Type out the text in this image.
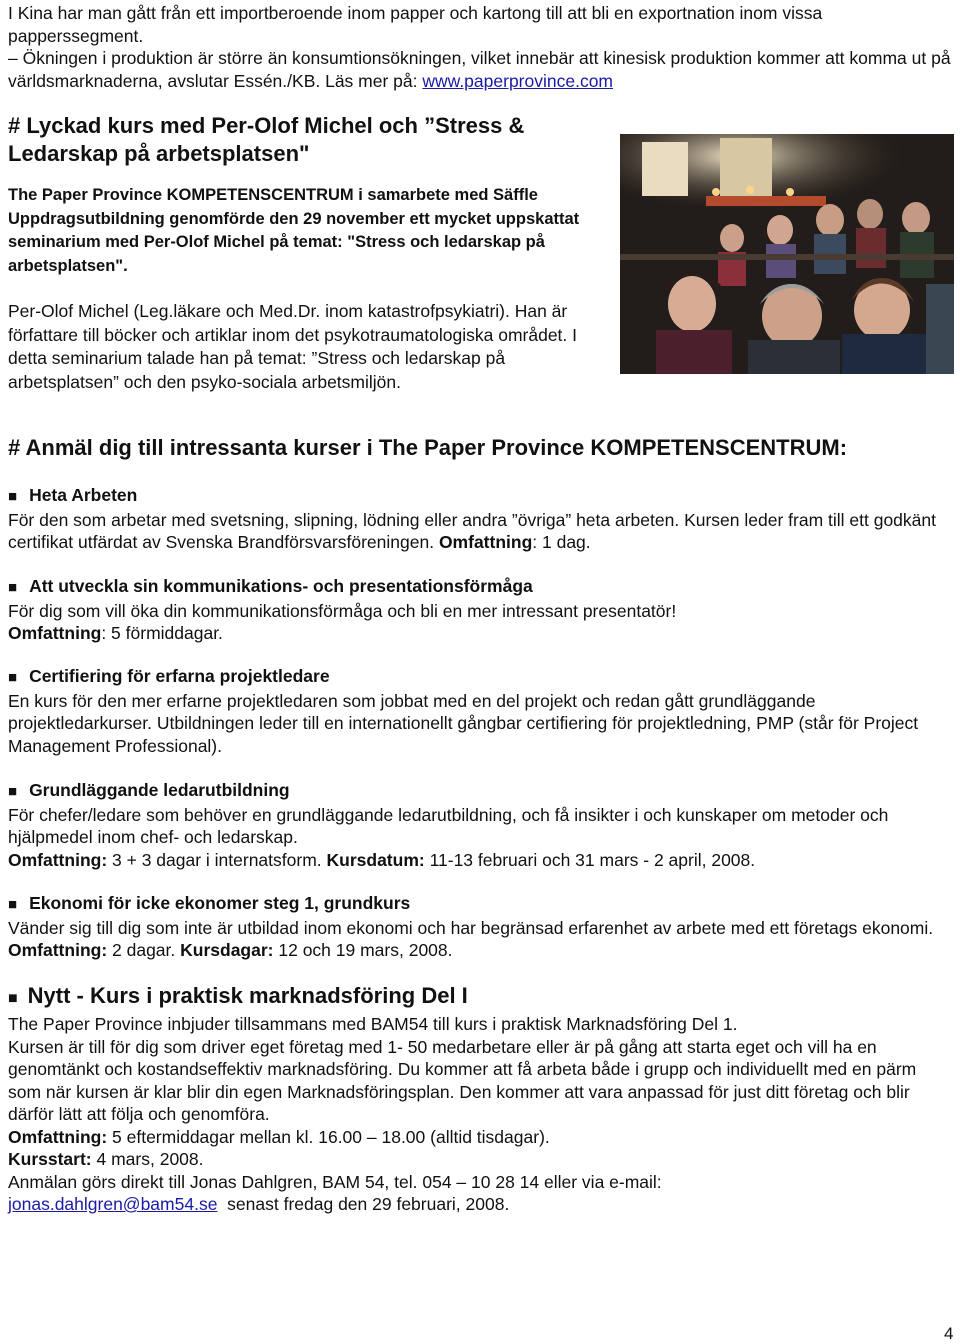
I Kina har man gått från ett importberoende inom papper och kartong till att bli en exportnation inom vissa papperssegment.
– Ökningen i produktion är större än konsumtionsökningen, vilket innebär att kinesisk produktion kommer att komma ut på världsmarknaderna, avslutar Essén./KB. Läs mer på: www.paperprovince.com
# Lyckad kurs med Per-Olof Michel och ”Stress & Ledarskap på arbetsplatsen"

The Paper Province KOMPETENSCENTRUM i samarbete med Säffle Uppdragsutbildning genomförde den 29 november ett mycket uppskattat seminarium med Per-Olof Michel på temat: "Stress och ledarskap på arbetsplatsen".

Per-Olof Michel (Leg.läkare och Med.Dr. inom katastrofpsykiatri). Han är författare till böcker och artiklar inom det psykotraumatologiska området. I detta seminarium talade han på temat: ”Stress och ledarskap på arbetsplatsen” och den psyko-sociala arbetsmiljön.

# Anmäl dig till intressanta kurser i The Paper Province KOMPETENSCENTRUM:
■ Heta Arbeten

För den som arbetar med svetsning, slipning, lödning eller andra ”övriga” heta arbeten. Kursen leder fram till ett godkänt certifikat utfärdat av Svenska Brandförsvarsföreningen. Omfattning: 1 dag.

■ Att utveckla sin kommunikations- och presentationsförmåga

För dig som vill öka din kommunikationsförmåga och bli en mer intressant presentatör!

Omfattning: 5 förmiddagar.

■ Certifiering för erfarna projektledare

En kurs för den mer erfarne projektledaren som jobbat med en del projekt och redan gått grundläggande projektledarkurser. Utbildningen leder till en internationellt gångbar certifiering för projektledning, PMP (står för Project Management Professional).

■ Grundläggande ledarutbildning

För chefer/ledare som behöver en grundläggande ledarutbildning, och få insikter i och kunskaper om metoder och hjälpmedel inom chef- och ledarskap.

Omfattning: 3 + 3 dagar i internatsform. Kursdatum: 11-13 februari och 31 mars - 2 april, 2008.

■ Ekonomi för icke ekonomer steg 1, grundkurs

Vänder sig till dig som inte är utbildad inom ekonomi och har begränsad erfarenhet av arbete med ett företags ekonomi. Omfattning: 2 dagar. Kursdagar: 12 och 19 mars, 2008.

■ Nytt - Kurs i praktisk marknadsföring Del I

The Paper Province inbjuder tillsammans med BAM54 till kurs i praktisk Marknadsföring Del 1.

Kursen är till för dig som driver eget företag med 1- 50 medarbetare eller är på gång att starta eget och vill ha en genomtänkt och kostandseffektiv marknadsföring. Du kommer att få arbeta både i grupp och individuellt med en pärm som när kursen är klar blir din egen Marknadsföringsplan. Den kommer att vara anpassad för just ditt företag och blir därför lätt att följa och genomföra.

Omfattning: 5 eftermiddagar mellan kl. 16.00 – 18.00 (alltid tisdagar).

Kursstart: 4 mars, 2008.

Anmälan görs direkt till Jonas Dahlgren, BAM 54, tel. 054 – 10 28 14 eller via e-mail:

jonas.dahlgren@bam54.se  senast fredag den 29 februari, 2008.

4
